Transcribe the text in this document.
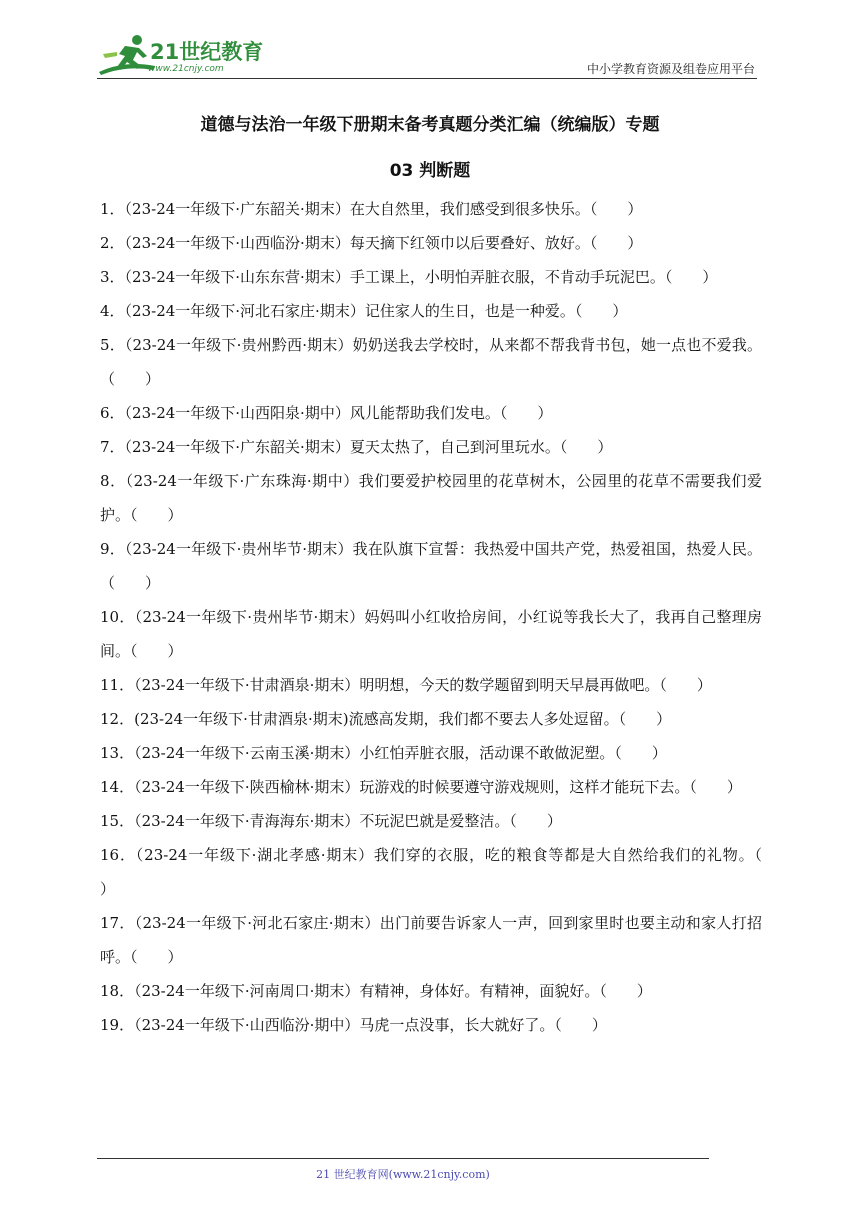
21世纪教育
www.21cnjy.com	中小学教育资源及组卷应用平台
道德与法治一年级下册期末备考真题分类汇编（统编版）专题
03 判断题
1．（23-24一年级下·广东韶关·期末）在大自然里，我们感受到很多快乐。（　　）
2．（23-24一年级下·山西临汾·期末）每天摘下红领巾以后要叠好、放好。（　　）
3．（23-24一年级下·山东东营·期末）手工课上，小明怕弄脏衣服，不肯动手玩泥巴。（　　）
4．（23-24一年级下·河北石家庄·期末）记住家人的生日，也是一种爱。（　　）
5．（23-24一年级下·贵州黔西·期末）奶奶送我去学校时，从来都不帮我背书包，她一点也不爱我。（　　）
6．（23-24一年级下·山西阳泉·期中）风儿能帮助我们发电。（　　）
7．（23-24一年级下·广东韶关·期末）夏天太热了，自己到河里玩水。（　　）
8．（23-24一年级下·广东珠海·期中）我们要爱护校园里的花草树木，公园里的花草不需要我们爱护。（　　）
9．（23-24一年级下·贵州毕节·期末）我在队旗下宣誓：我热爱中国共产党，热爱祖国，热爱人民。（　　）
10．（23-24一年级下·贵州毕节·期末）妈妈叫小红收拾房间，小红说等我长大了，我再自己整理房间。（　　）
11．（23-24一年级下·甘肃酒泉·期末）明明想，今天的数学题留到明天早晨再做吧。（　　）
12．(23-24一年级下·甘肃酒泉·期末)流感高发期，我们都不要去人多处逗留。（　　）
13．（23-24一年级下·云南玉溪·期末）小红怕弄脏衣服，活动课不敢做泥塑。（　　）
14．（23-24一年级下·陕西榆林·期末）玩游戏的时候要遵守游戏规则，这样才能玩下去。（　　）
15．（23-24一年级下·青海海东·期末）不玩泥巴就是爱整洁。（　　）
16．（23-24一年级下·湖北孝感·期末）我们穿的衣服，吃的粮食等都是大自然给我们的礼物。（　　）
17．（23-24一年级下·河北石家庄·期末）出门前要告诉家人一声，回到家里时也要主动和家人打招呼。（　　）
18．（23-24一年级下·河南周口·期末）有精神，身体好。有精神，面貌好。（　　）
19．（23-24一年级下·山西临汾·期中）马虎一点没事，长大就好了。（　　）
21 世纪教育网(www.21cnjy.com)
